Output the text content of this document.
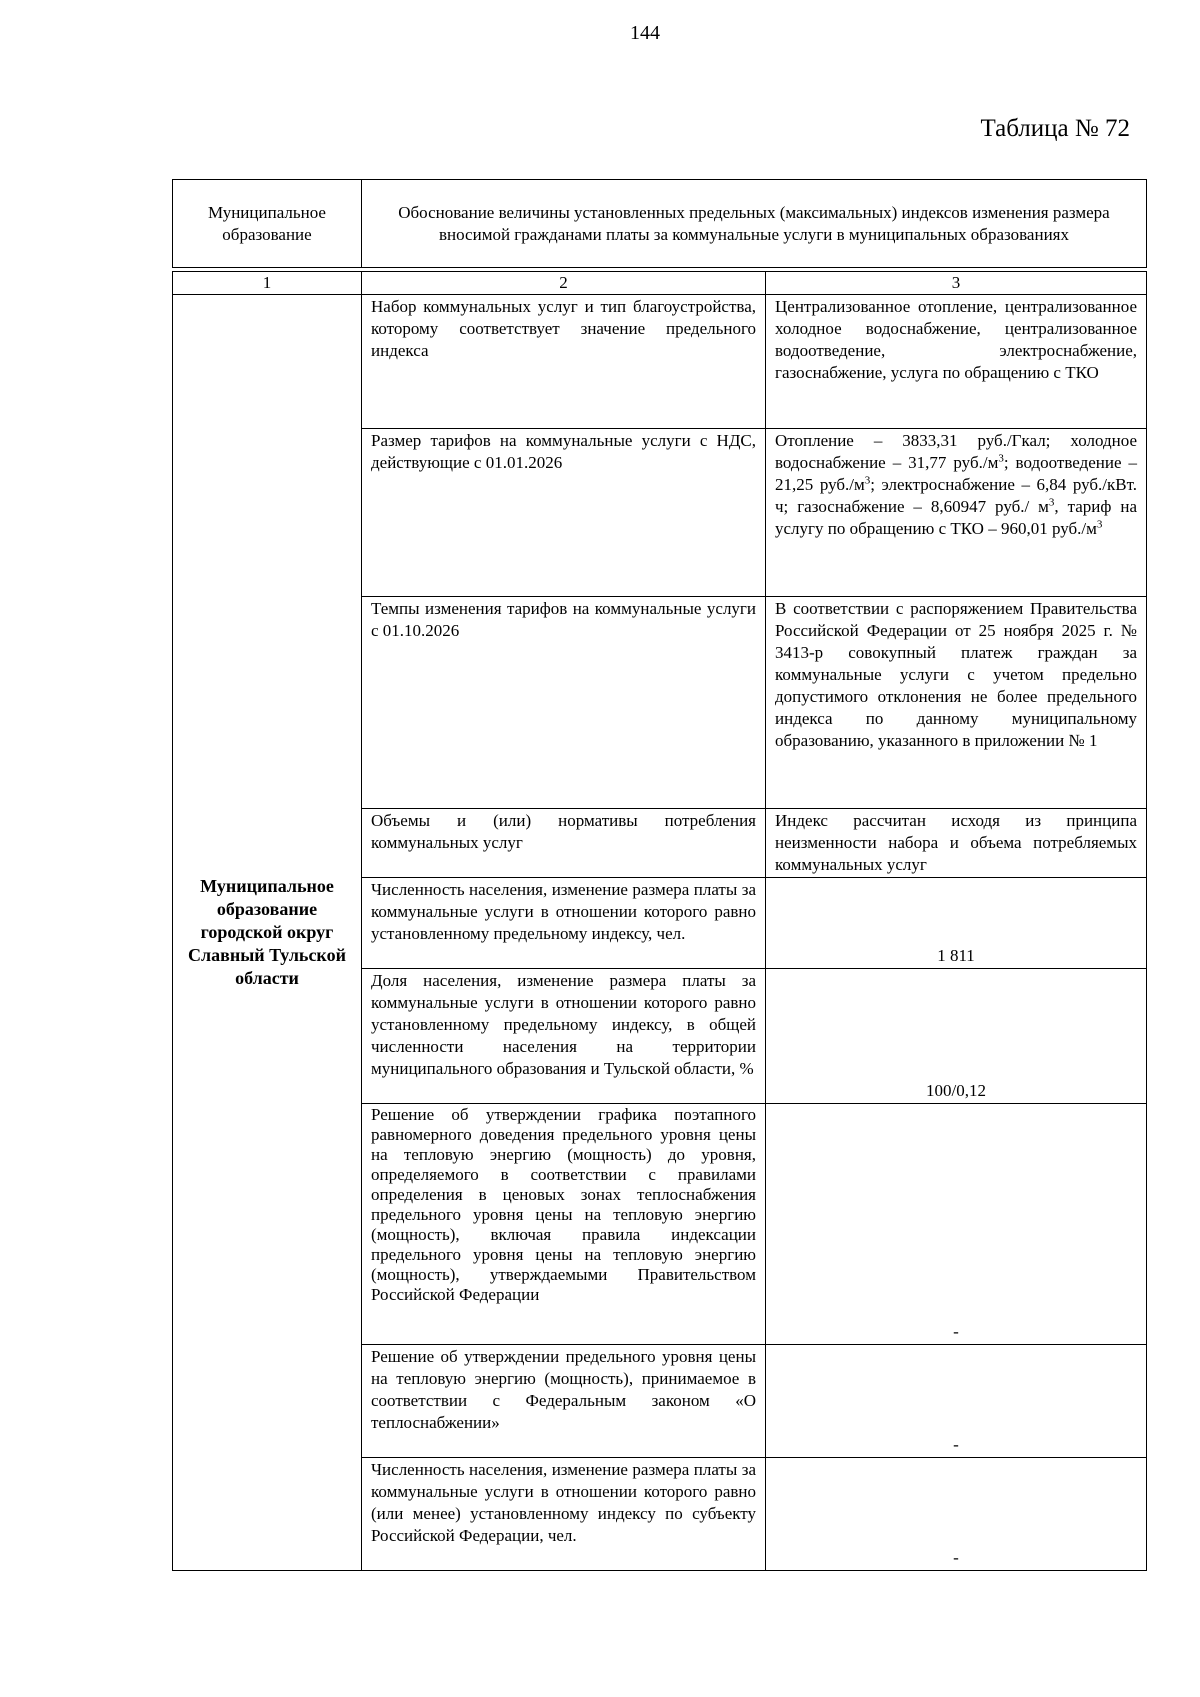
144
Таблица № 72
Муниципальное образование	Обоснование величины установленных предельных (максимальных) индексов изменения размера вносимой гражданами платы за коммунальные услуги в муниципальных образованиях
1	2	3
Муниципальное образование городской округ Славный Тульской области	Набор коммунальных услуг и тип благоустройства, которому соответствует значение предельного индекса	Централизованное отопление, централизованное холодное водоснабжение, централизованное водоотведение, электроснабжение, газоснабжение, услуга по обращению с ТКО
	Размер тарифов на коммунальные услуги с НДС, действующие с 01.01.2026	Отопление – 3833,31 руб./Гкал; холодное водоснабжение – 31,77 $руб./м^3$; водоотведение – 21,25 $руб./м^3$; электроснабжение – 6,84 руб./кВт. ч; газоснабжение – 8,60947 руб./ $м^3$, тариф на услугу по обращению с ТКО – 960,01 $руб./м^3$
	Темпы изменения тарифов на коммунальные услуги с 01.10.2026	В соответствии с распоряжением Правительства Российской Федерации от 25 ноября 2025 г. № 3413-р совокупный платеж граждан за коммунальные услуги с учетом предельно допустимого отклонения не более предельного индекса по данному муниципальному образованию, указанного в приложении № 1
	Объемы и (или) нормативы потребления коммунальных услуг	Индекс рассчитан исходя из принципа неизменности набора и объема потребляемых коммунальных услуг
	Численность населения, изменение размера платы за коммунальные услуги в отношении которого равно установленному предельному индексу, чел.	1 811
	Доля населения, изменение размера платы за коммунальные услуги в отношении которого равно установленному предельному индексу, в общей численности населения на территории муниципального образования и Тульской области, %	100/0,12
	Решение об утверждении графика поэтапного равномерного доведения предельного уровня цены на тепловую энергию (мощность) до уровня, определяемого в соответствии с правилами определения в ценовых зонах теплоснабжения предельного уровня цены на тепловую энергию (мощность), включая правила индексации предельного уровня цены на тепловую энергию (мощность), утверждаемыми Правительством Российской Федерации	-
	Решение об утверждении предельного уровня цены на тепловую энергию (мощность), принимаемое в соответствии с Федеральным законом «О теплоснабжении»	-
	Численность населения, изменение размера платы за коммунальные услуги в отношении которого равно (или менее) установленному индексу по субъекту Российской Федерации, чел.	-
